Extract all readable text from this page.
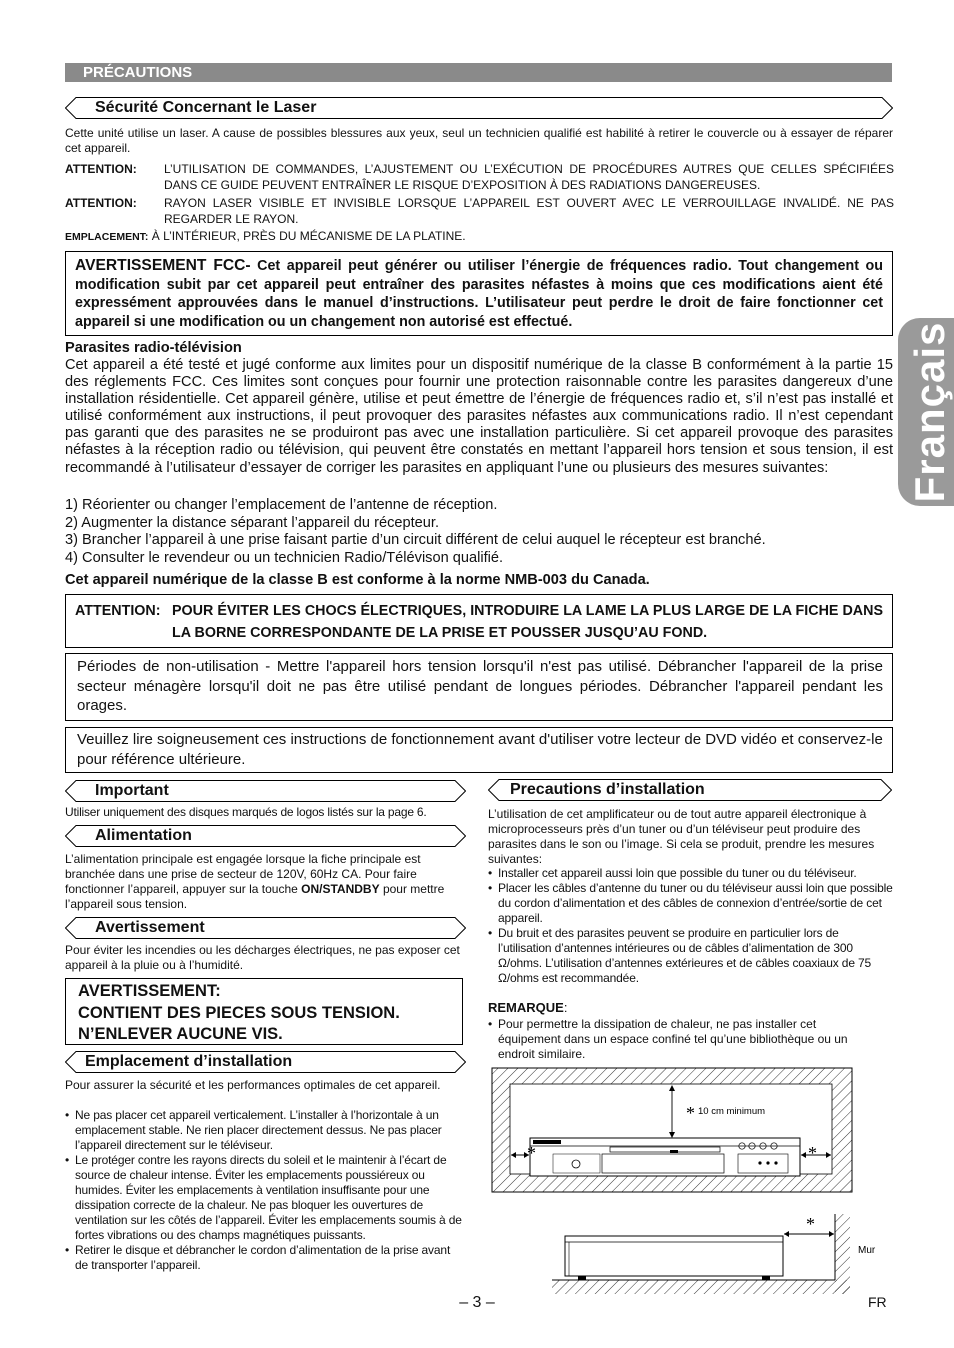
PRÉCAUTIONS
Français
Sécurité Concernant le Laser
Cette unité utilise un laser. A cause de possibles blessures aux yeux, seul un technicien qualifié est habilité à retirer le couvercle ou à essayer de réparer cet appareil.
ATTENTION: L’UTILISATION DE COMMANDES, L’AJUSTEMENT OU L’EXÉCUTION DE PROCÉDURES AUTRES QUE CELLES SPÉCIFIÉES DANS CE GUIDE PEUVENT ENTRAÎNER LE RISQUE D’EXPOSITION À DES RADIATIONS DANGEREUSES.
ATTENTION: RAYON LASER VISIBLE ET INVISIBLE LORSQUE L’APPAREIL EST OUVERT AVEC LE VERROUILLAGE INVALIDÉ. NE PAS REGARDER LE RAYON.
EMPLACEMENT: À L’INTÉRIEUR, PRÈS DU MÉCANISME DE LA PLATINE.
AVERTISSEMENT FCC- Cet appareil peut générer ou utiliser l’énergie de fréquences radio. Tout changement ou modification subit par cet appareil peut entraîner des parasites néfastes à moins que ces modifications aient été expressément approuvées dans le manuel d’instructions. L’utilisateur peut perdre le droit de faire fonctionner cet appareil si une modification ou un changement non autorisé est effectué.
Parasites radio-télévision
Cet appareil a été testé et jugé conforme aux limites pour un dispositif numérique de la classe B conformément à la partie 15 des réglements FCC. Ces limites sont conçues pour fournir une protection raisonnable contre les parasites dangereux d’une installation résidentielle. Cet appareil génère, utilise et peut émettre de l’énergie de fréquences radio et, s’il n’est pas installé et utilisé conformément aux instructions, il peut provoquer des parasites néfastes aux communications radio. Il n’est cependant pas garanti que des parasites ne se produiront pas avec une installation particulière. Si cet appareil provoque des parasites néfastes à la réception radio ou télévision, qui peuvent être constatés en mettant l’appareil hors tension et sous tension, il est recommandé à l’utilisateur d’essayer de corriger les parasites en appliquant l’une ou plusieurs des mesures suivantes:
1) Réorienter ou changer l’emplacement de l’antenne de réception.
2) Augmenter la distance séparant l’appareil du récepteur.
3) Brancher l’appareil à une prise faisant partie d’un circuit différent de celui auquel le récepteur est branché.
4) Consulter le revendeur ou un technicien Radio/Télévison qualifié.
Cet appareil numérique de la classe B est conforme à la norme NMB-003 du Canada.
ATTENTION: POUR ÉVITER LES CHOCS ÉLECTRIQUES, INTRODUIRE LA LAME LA PLUS LARGE DE LA FICHE DANS LA BORNE CORRESPONDANTE DE LA PRISE ET POUSSER JUSQU’AU FOND.
Périodes de non-utilisation - Mettre l'appareil hors tension lorsqu'il n'est pas utilisé. Débrancher l'appareil de la prise secteur ménagère lorsqu'il doit ne pas être utilisé pendant de longues périodes. Débrancher l'appareil pendant les orages.
Veuillez lire soigneusement ces instructions de fonctionnement avant d'utiliser votre lecteur de DVD vidéo et conservez-le pour référence ultérieure.
Important
Utiliser uniquement des disques marqués de logos listés sur la page 6.
Alimentation
L’alimentation principale est engagée lorsque la fiche principale est branchée dans une prise de secteur de 120V, 60Hz CA. Pour faire fonctionner l’appareil, appuyer sur la touche ON/STANDBY pour mettre l’appareil sous tension.
Avertissement
Pour éviter les incendies ou les décharges électriques, ne pas exposer cet appareil à la pluie ou à l’humidité.
AVERTISSEMENT:
CONTIENT DES PIECES SOUS TENSION.
N’ENLEVER AUCUNE VIS.
Emplacement d’installation
Pour assurer la sécurité et les performances optimales de cet appareil.
• Ne pas placer cet appareil verticalement. L’installer à l’horizontale à un emplacement stable. Ne rien placer directement dessus. Ne pas placer l’appareil directement sur le téléviseur.
• Le protéger contre les rayons directs du soleil et le maintenir à l’écart de source de chaleur intense. Éviter les emplacements poussiéreux ou humides. Éviter les emplacements à ventilation insuffisante pour une dissipation correcte de la chaleur. Ne pas bloquer les ouvertures de ventilation sur les côtés de l’appareil. Éviter les emplacements soumis à de fortes vibrations ou des champs magnétiques puissants.
• Retirer le disque et débrancher le cordon d’alimentation de la prise avant de transporter l’appareil.
Precautions d’installation
L’utilisation de cet amplificateur ou de tout autre appareil électronique à microprocesseurs près d’un tuner ou d’un téléviseur peut produire des parasites dans le son ou l’image. Si cela se produit, prendre les mesures suivantes:
• Installer cet appareil aussi loin que possible du tuner ou du téléviseur.
• Placer les câbles d’antenne du tuner ou du téléviseur aussi loin que possible du cordon d’alimentation et des câbles de connexion d’entrée/sortie de cet appareil.
• Du bruit et des parasites peuvent se produire en particulier lors de l’utilisation d’antennes intérieures ou de câbles d’alimentation de 300 Ω/ohms. L’utilisation d’antennes extérieures et de câbles coaxiaux de 75 Ω/ohms est recommandée.
REMARQUE:
• Pour permettre la dissipation de chaleur, ne pas installer cet équipement dans un espace confiné tel qu’une bibliothèque ou un endroit similaire.
* 10 cm minimum
*	*
*
Mur
– 3 –	FR
